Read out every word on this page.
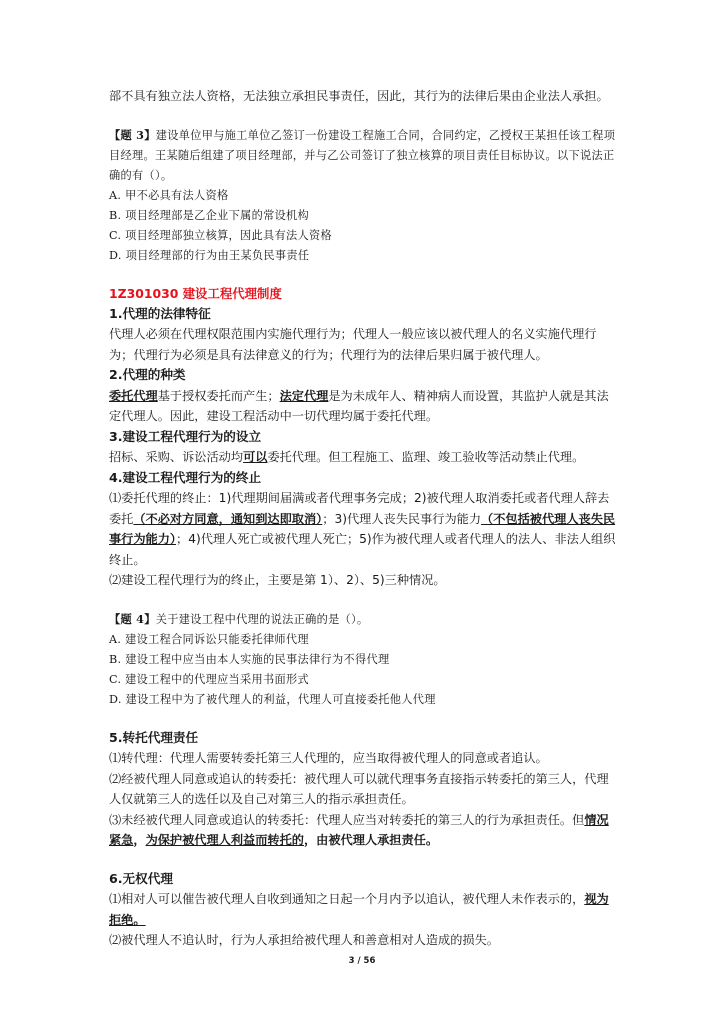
部不具有独立法人资格，无法独立承担民事责任，因此，其行为的法律后果由企业法人承担。

【题 3】建设单位甲与施工单位乙签订一份建设工程施工合同，合同约定，乙授权王某担任该工程项目经理。王某随后组建了项目经理部，并与乙公司签订了独立核算的项目责任目标协议。以下说法正确的有（）。

A. 甲不必具有法人资格

B. 项目经理部是乙企业下属的常设机构

C. 项目经理部独立核算，因此具有法人资格

D. 项目经理部的行为由王某负民事责任

1Z301030 建设工程代理制度

1.代理的法律特征

代理人必须在代理权限范围内实施代理行为；代理人一般应该以被代理人的名义实施代理行为；代理行为必须是具有法律意义的行为；代理行为的法律后果归属于被代理人。

2.代理的种类

委托代理基于授权委托而产生；法定代理是为未成年人、精神病人而设置，其监护人就是其法定代理人。因此，建设工程活动中一切代理均属于委托代理。

3.建设工程代理行为的设立

招标、采购、诉讼活动均可以委托代理。但工程施工、监理、竣工验收等活动禁止代理。

4.建设工程代理行为的终止

⑴委托代理的终止：1)代理期间届满或者代理事务完成；2)被代理人取消委托或者代理人辞去委托（不必对方同意，通知到达即取消）；3)代理人丧失民事行为能力（不包括被代理人丧失民事行为能力）；4)代理人死亡或被代理人死亡；5)作为被代理人或者代理人的法人、非法人组织终止。

⑵建设工程代理行为的终止，主要是第 1）、2）、5)三种情况。

【题 4】关于建设工程中代理的说法正确的是（）。

A. 建设工程合同诉讼只能委托律师代理

B. 建设工程中应当由本人实施的民事法律行为不得代理

C. 建设工程中的代理应当采用书面形式

D. 建设工程中为了被代理人的利益，代理人可直接委托他人代理

5.转托代理责任

⑴转代理：代理人需要转委托第三人代理的，应当取得被代理人的同意或者追认。

⑵经被代理人同意或追认的转委托：被代理人可以就代理事务直接指示转委托的第三人，代理人仅就第三人的选任以及自己对第三人的指示承担责任。

⑶未经被代理人同意或追认的转委托：代理人应当对转委托的第三人的行为承担责任。但情况紧急，为保护被代理人利益而转托的，由被代理人承担责任。

6.无权代理

⑴相对人可以催告被代理人自收到通知之日起一个月内予以追认，被代理人未作表示的，视为拒绝。

⑵被代理人不追认时，行为人承担给被代理人和善意相对人造成的损失。

3 / 56
